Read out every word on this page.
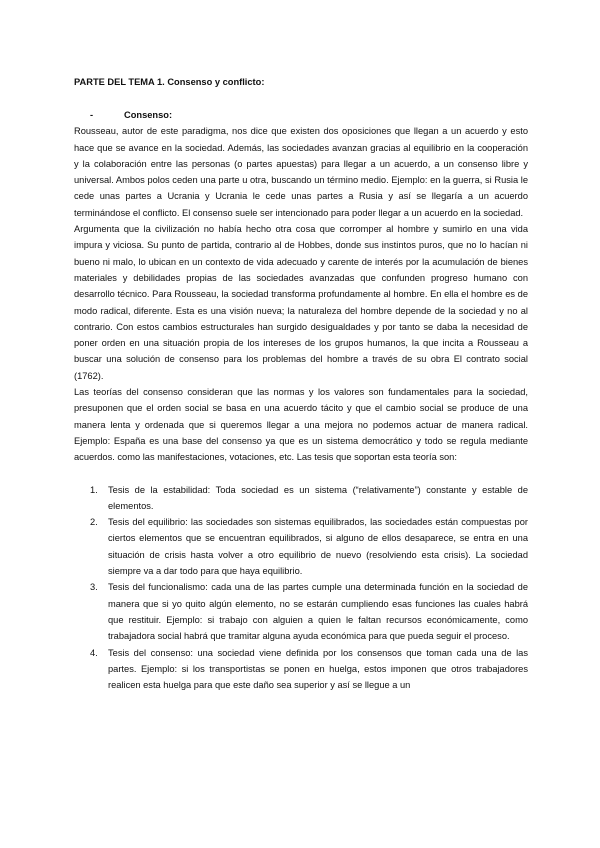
PARTE DEL TEMA 1. Consenso y conflicto:
-	Consenso:

Rousseau, autor de este paradigma, nos dice que existen dos oposiciones que llegan a un acuerdo y esto hace que se avance en la sociedad. Además, las sociedades avanzan gracias al equilibrio en la cooperación y la colaboración entre las personas (o partes apuestas) para llegar a un acuerdo, a un consenso libre y universal. Ambos polos ceden una parte u otra, buscando un término medio. Ejemplo: en la guerra, si Rusia le cede unas partes a Ucrania y Ucrania le cede unas partes a Rusia y así se llegaría a un acuerdo terminándose el conflicto. El consenso suele ser intencionado para poder llegar a un acuerdo en la sociedad.

Argumenta que la civilización no había hecho otra cosa que corromper al hombre y sumirlo en una vida impura y viciosa. Su punto de partida, contrario al de Hobbes, donde sus instintos puros, que no lo hacían ni bueno ni malo, lo ubican en un contexto de vida adecuado y carente de interés por la acumulación de bienes materiales y debilidades propias de las sociedades avanzadas que confunden progreso humano con desarrollo técnico. Para Rousseau, la sociedad transforma profundamente al hombre. En ella el hombre es de modo radical, diferente. Esta es una visión nueva; la naturaleza del hombre depende de la sociedad y no al contrario. Con estos cambios estructurales han surgido desigualdades y por tanto se daba la necesidad de poner orden en una situación propia de los intereses de los grupos humanos, la que incita a Rousseau a buscar una solución de consenso para los problemas del hombre a través de su obra El contrato social (1762).

Las teorías del consenso consideran que las normas y los valores son fundamentales para la sociedad, presuponen que el orden social se basa en una acuerdo tácito y que el cambio social se produce de una manera lenta y ordenada que si queremos llegar a una mejora no podemos actuar de manera radical. Ejemplo: España es una base del consenso ya que es un sistema democrático y todo se regula mediante acuerdos. como las manifestaciones, votaciones, etc. Las tesis que soportan esta teoría son:

1. Tesis de la estabilidad: Toda sociedad es un sistema (“relativamente”) constante y estable de elementos.
2. Tesis del equilibrio: las sociedades son sistemas equilibrados, las sociedades están compuestas por ciertos elementos que se encuentran equilibrados, si alguno de ellos desaparece, se entra en una situación de crisis hasta volver a otro equilibrio de nuevo (resolviendo esta crisis). La sociedad siempre va a dar todo para que haya equilibrio.
3. Tesis del funcionalismo: cada una de las partes cumple una determinada función en la sociedad de manera que si yo quito algún elemento, no se estarán cumpliendo esas funciones las cuales habrá que restituir. Ejemplo: si trabajo con alguien a quien le faltan recursos económicamente, como trabajadora social habrá que tramitar alguna ayuda económica para que pueda seguir el proceso.
4. Tesis del consenso: una sociedad viene definida por los consensos que toman cada una de las partes. Ejemplo: si los transportistas se ponen en huelga, estos imponen que otros trabajadores realicen esta huelga para que este daño sea superior y así se llegue a un
